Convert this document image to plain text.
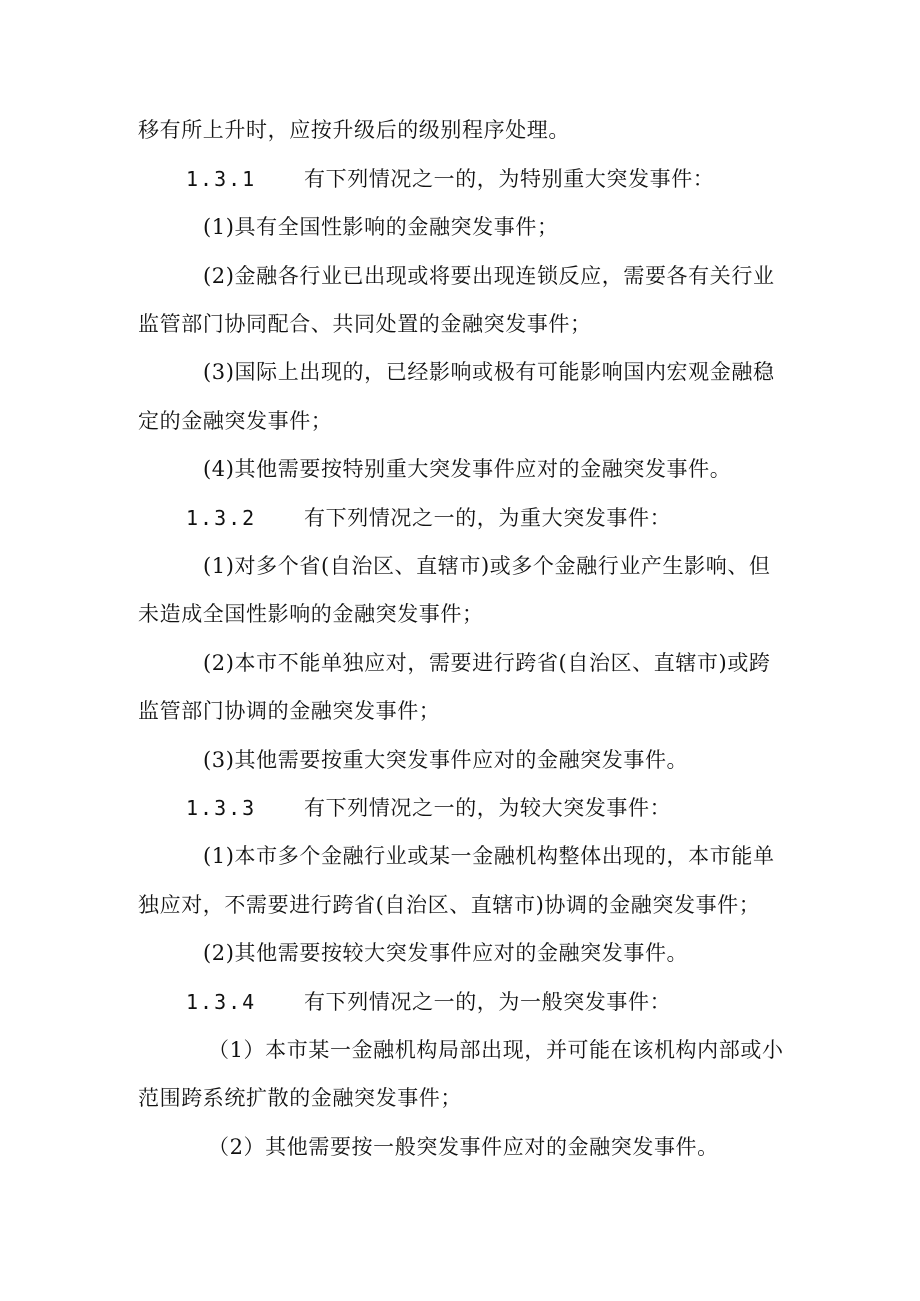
移有所上升时，应按升级后的级别程序处理。
1.3.1 有下列情况之一的，为特别重大突发事件：
(1)具有全国性影响的金融突发事件；
(2)金融各行业已出现或将要出现连锁反应，需要各有关行业
监管部门协同配合、共同处置的金融突发事件；
(3)国际上出现的，已经影响或极有可能影响国内宏观金融稳
定的金融突发事件；
(4)其他需要按特别重大突发事件应对的金融突发事件。
1.3.2 有下列情况之一的，为重大突发事件：
(1)对多个省(自治区、直辖市)或多个金融行业产生影响、但
未造成全国性影响的金融突发事件；
(2)本市不能单独应对，需要进行跨省(自治区、直辖市)或跨
监管部门协调的金融突发事件；
(3)其他需要按重大突发事件应对的金融突发事件。
1.3.3 有下列情况之一的，为较大突发事件：
(1)本市多个金融行业或某一金融机构整体出现的，本市能单
独应对，不需要进行跨省(自治区、直辖市)协调的金融突发事件；
(2)其他需要按较大突发事件应对的金融突发事件。
1.3.4 有下列情况之一的，为一般突发事件：
（1）本市某一金融机构局部出现，并可能在该机构内部或小
范围跨系统扩散的金融突发事件；
（2）其他需要按一般突发事件应对的金融突发事件。
